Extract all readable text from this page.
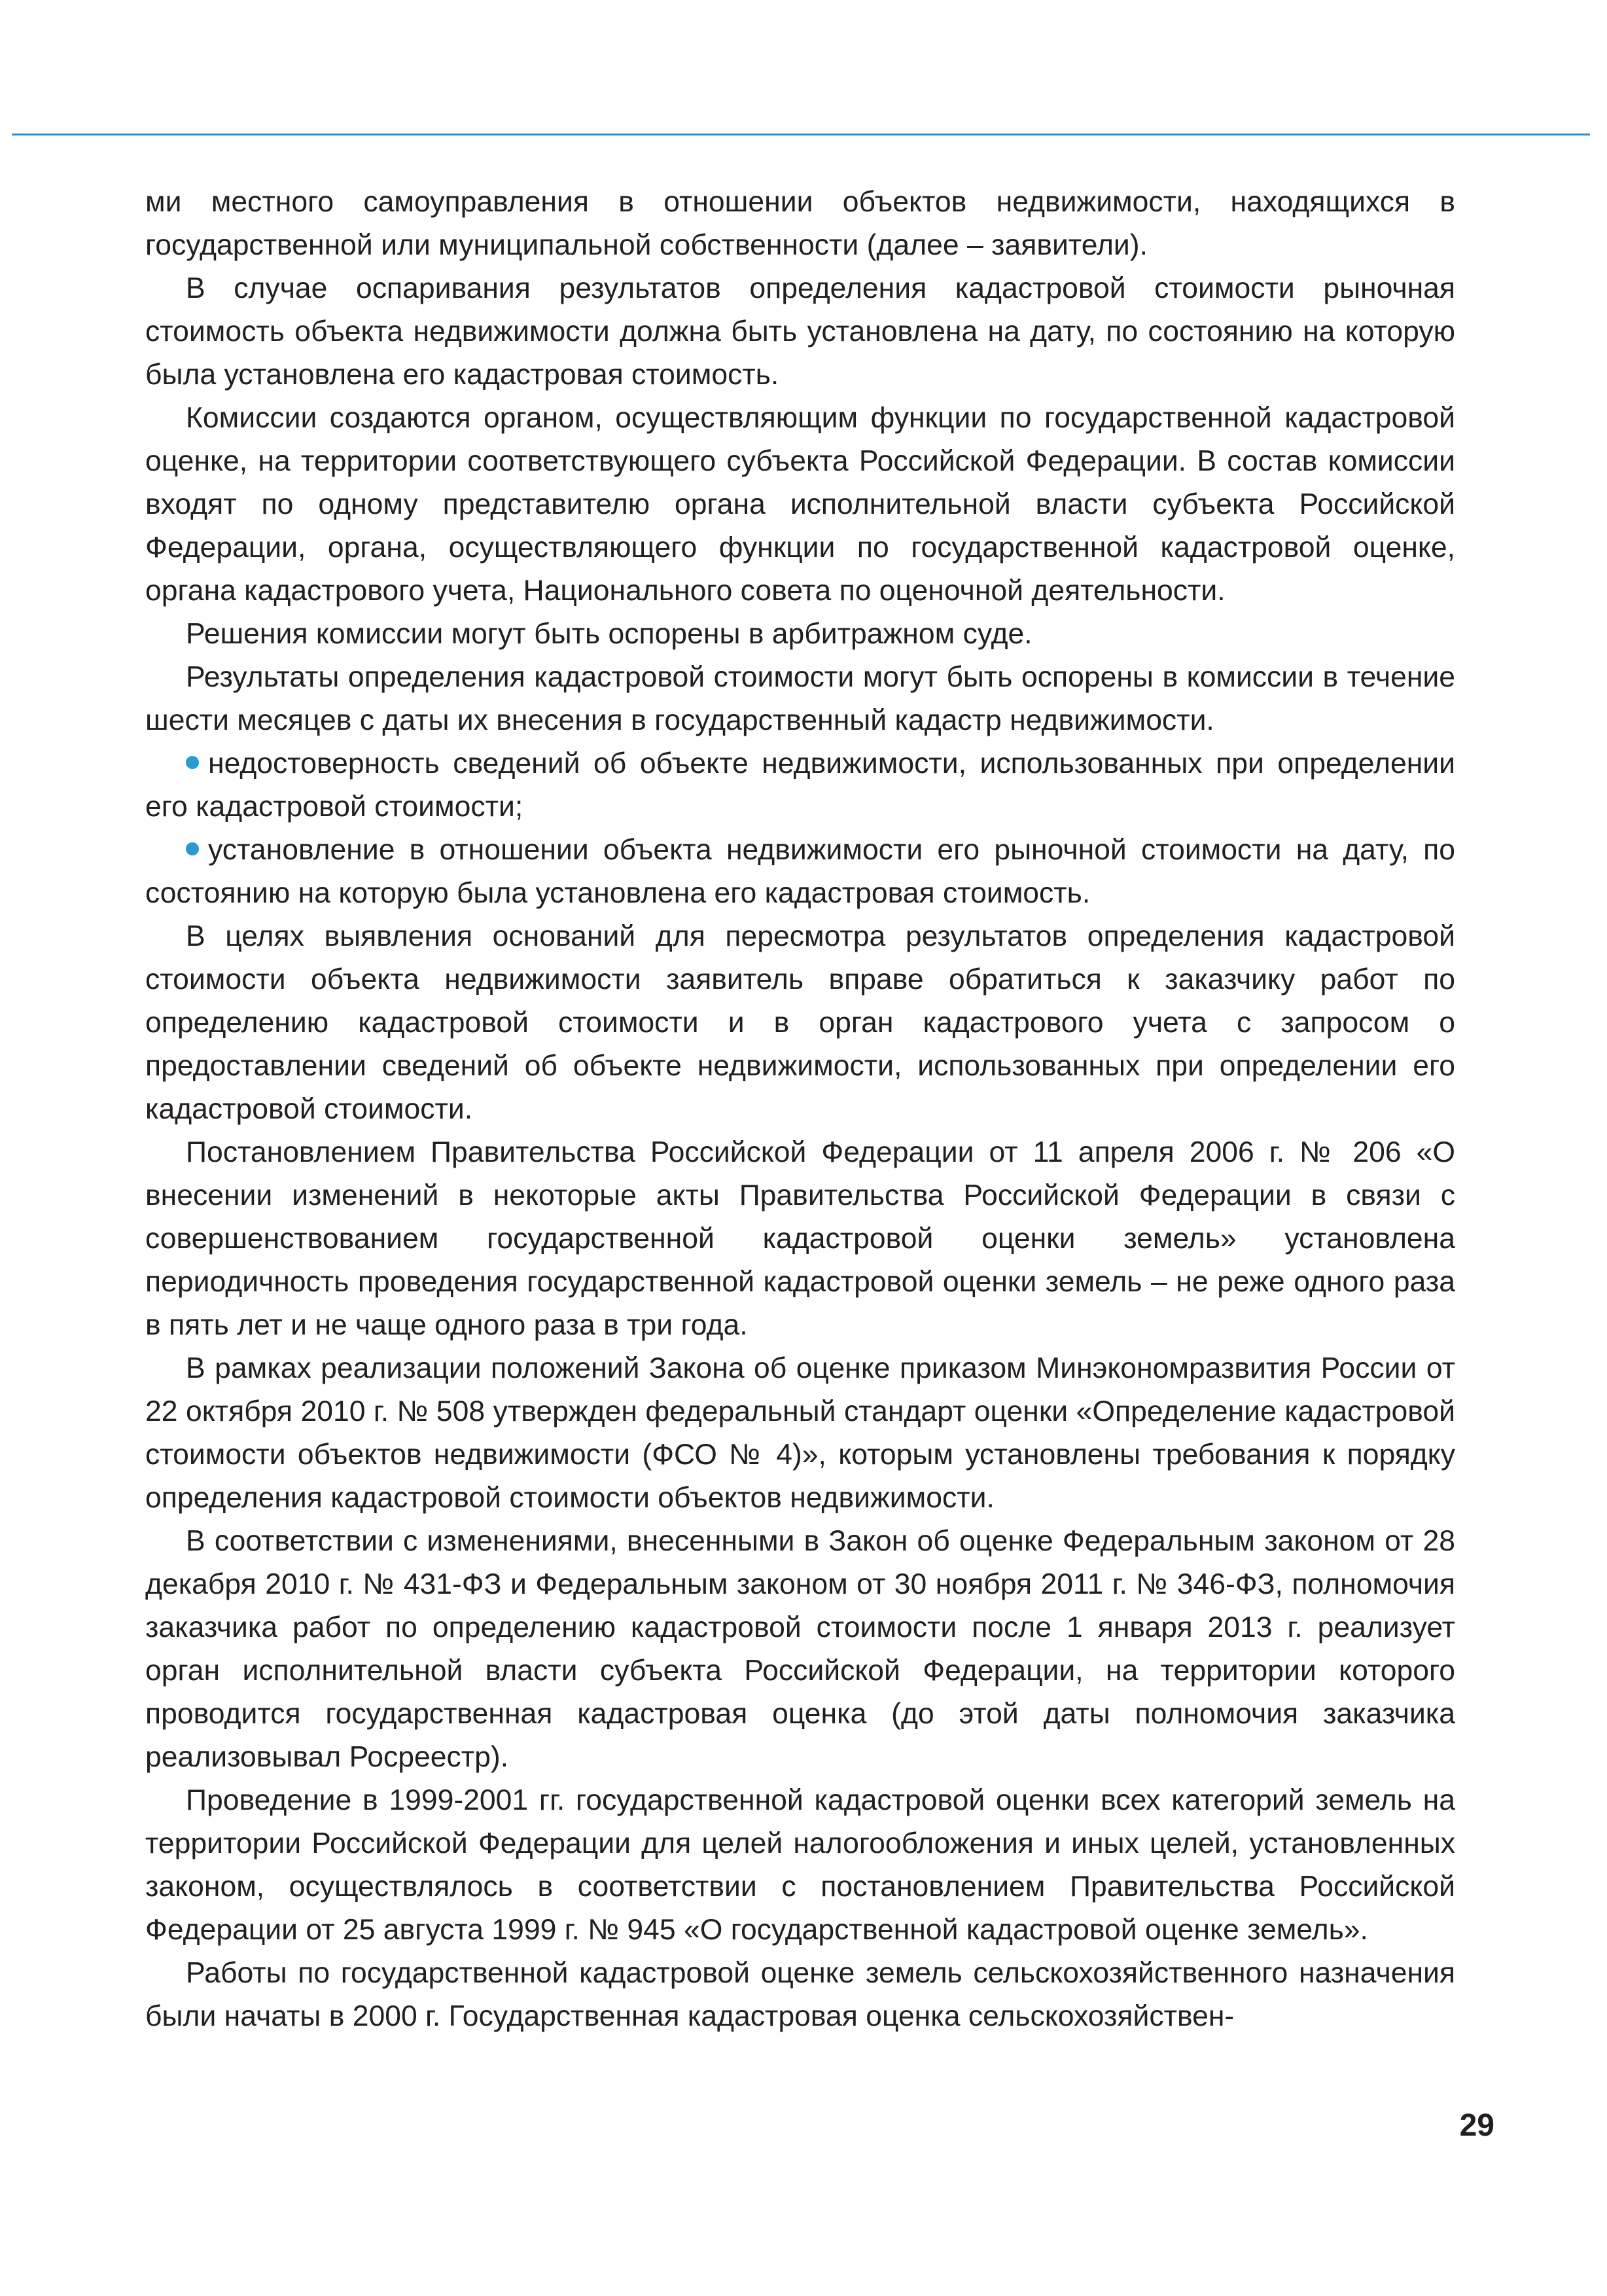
ми местного самоуправления в отношении объектов недвижимости, находящихся в государственной или муниципальной собственности (далее – заявители).

В случае оспаривания результатов определения кадастровой стоимости рыночная стоимость объекта недвижимости должна быть установлена на дату, по состоянию на которую была установлена его кадастровая стоимость.

Комиссии создаются органом, осуществляющим функции по государственной кадастровой оценке, на территории соответствующего субъекта Российской Федерации. В состав комиссии входят по одному представителю органа исполнительной власти субъекта Российской Федерации, органа, осуществляющего функции по государственной кадастровой оценке, органа кадастрового учета, Национального совета по оценочной деятельности.

Решения комиссии могут быть оспорены в арбитражном суде.

Результаты определения кадастровой стоимости могут быть оспорены в комиссии в течение шести месяцев с даты их внесения в государственный кадастр недвижимости.

недостоверность сведений об объекте недвижимости, использованных при определении его кадастровой стоимости;

установление в отношении объекта недвижимости его рыночной стоимости на дату, по состоянию на которую была установлена его кадастровая стоимость.

В целях выявления оснований для пересмотра результатов определения кадастровой стоимости объекта недвижимости заявитель вправе обратиться к заказчику работ по определению кадастровой стоимости и в орган кадастрового учета с запросом о предоставлении сведений об объекте недвижимости, использованных при определении его кадастровой стоимости.

Постановлением Правительства Российской Федерации от 11 апреля 2006 г. № 206 «О внесении изменений в некоторые акты Правительства Российской Федерации в связи с совершенствованием государственной кадастровой оценки земель» установлена периодичность проведения государственной кадастровой оценки земель – не реже одного раза в пять лет и не чаще одного раза в три года.

В рамках реализации положений Закона об оценке приказом Минэкономразвития России от 22 октября 2010 г. № 508 утвержден федеральный стандарт оценки «Определение кадастровой стоимости объектов недвижимости (ФСО № 4)», которым установлены требования к порядку определения кадастровой стоимости объектов недвижимости.

В соответствии с изменениями, внесенными в Закон об оценке Федеральным законом от 28 декабря 2010 г. № 431-ФЗ и Федеральным законом от 30 ноября 2011 г. № 346-ФЗ, полномочия заказчика работ по определению кадастровой стоимости после 1 января 2013 г. реализует орган исполнительной власти субъекта Российской Федерации, на территории которого проводится государственная кадастровая оценка (до этой даты полномочия заказчика реализовывал Росреестр).

Проведение в 1999-2001 гг. государственной кадастровой оценки всех категорий земель на территории Российской Федерации для целей налогообложения и иных целей, установленных законом, осуществлялось в соответствии с постановлением Правительства Российской Федерации от 25 августа 1999 г. № 945 «О государственной кадастровой оценке земель».

Работы по государственной кадастровой оценке земель сельскохозяйственного назначения были начаты в 2000 г. Государственная кадастровая оценка сельскохозяйствен-

29
